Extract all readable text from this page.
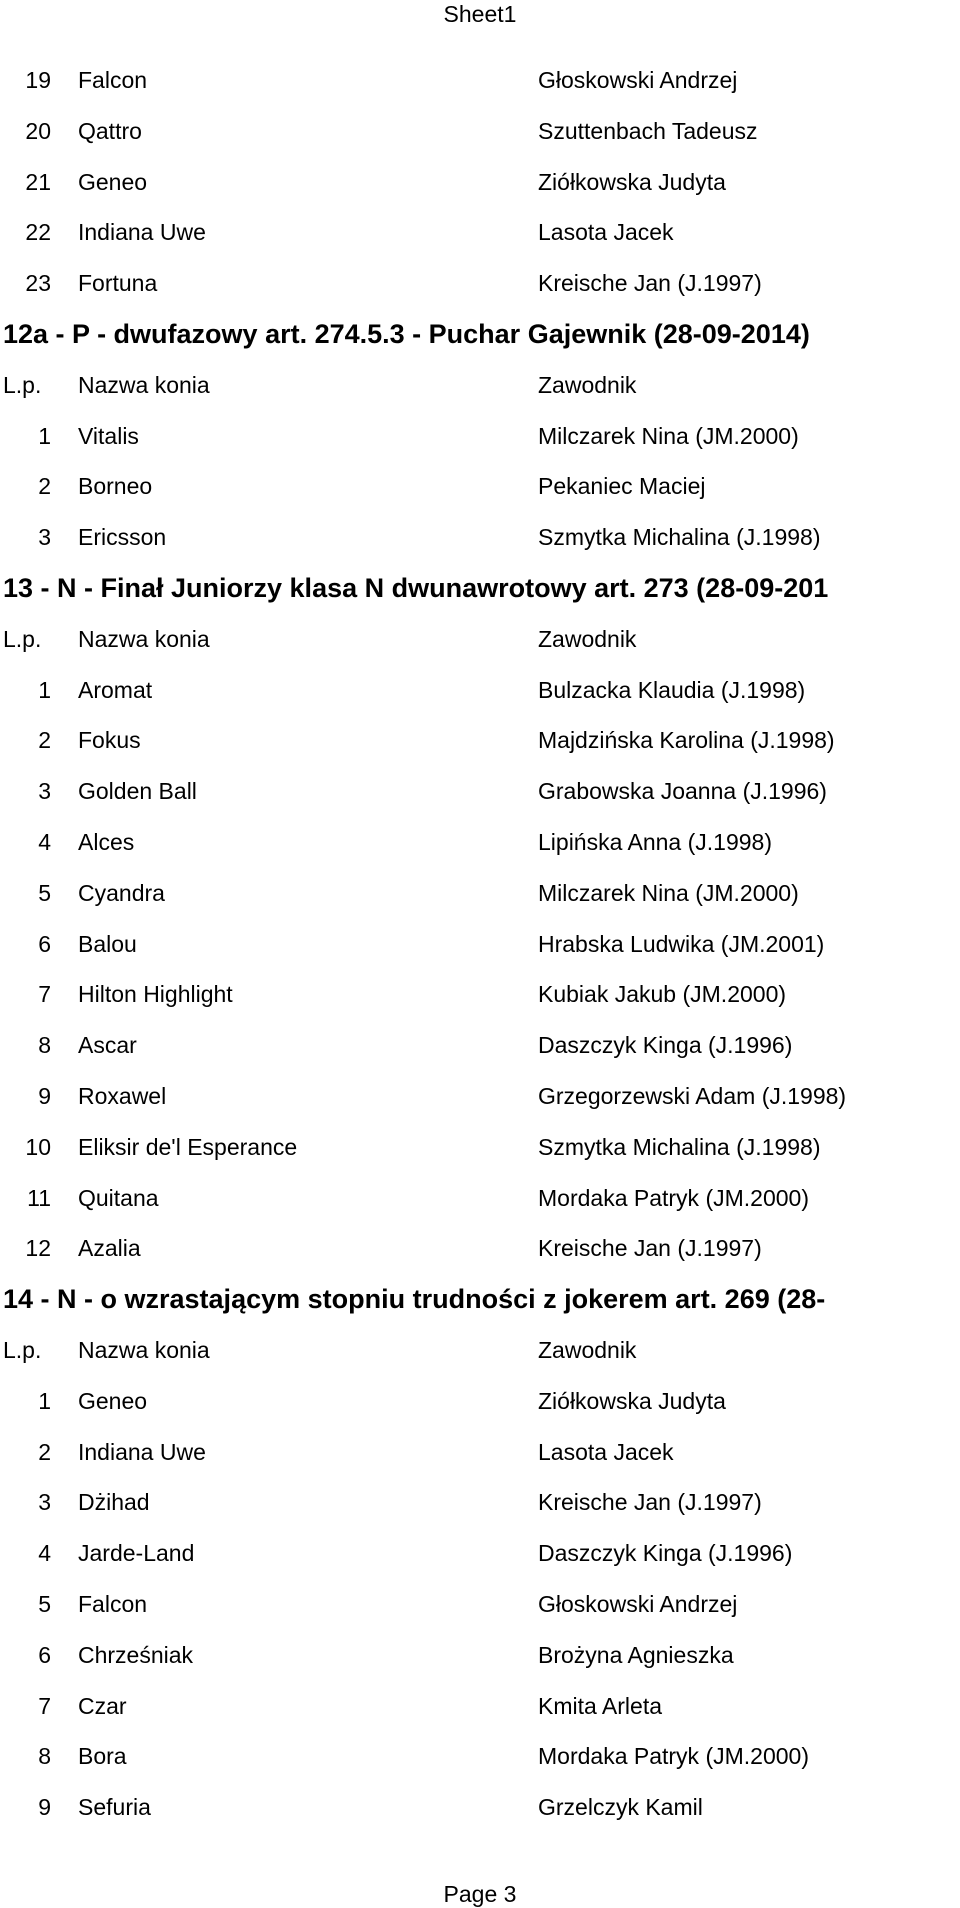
Sheet1
19 Falcon	Głoskowski Andrzej
20 Qattro	Szuttenbach Tadeusz
21 Geneo	Ziółkowska Judyta
22 Indiana Uwe	Lasota Jacek
23 Fortuna	Kreische Jan (J.1997)
12a - P - dwufazowy art. 274.5.3 - Puchar Gajewnik (28-09-2014)
L.p. Nazwa konia	Zawodnik
1 Vitalis	Milczarek Nina (JM.2000)
2 Borneo	Pekaniec Maciej
3 Ericsson	Szmytka Michalina (J.1998)
13 - N - Finał Juniorzy klasa N dwunawrotowy art. 273 (28-09-201
L.p. Nazwa konia	Zawodnik
1 Aromat	Bulzacka Klaudia (J.1998)
2 Fokus	Majdzińska Karolina (J.1998)
3 Golden Ball	Grabowska Joanna (J.1996)
4 Alces	Lipińska Anna (J.1998)
5 Cyandra	Milczarek Nina (JM.2000)
6 Balou	Hrabska Ludwika (JM.2001)
7 Hilton Highlight	Kubiak Jakub (JM.2000)
8 Ascar	Daszczyk Kinga (J.1996)
9 Roxawel	Grzegorzewski Adam (J.1998)
10 Eliksir de'l Esperance	Szmytka Michalina (J.1998)
11 Quitana	Mordaka Patryk (JM.2000)
12 Azalia	Kreische Jan (J.1997)
14 - N - o wzrastającym stopniu trudności z jokerem art. 269 (28-
L.p. Nazwa konia	Zawodnik
1 Geneo	Ziółkowska Judyta
2 Indiana Uwe	Lasota Jacek
3 Dżihad	Kreische Jan (J.1997)
4 Jarde-Land	Daszczyk Kinga (J.1996)
5 Falcon	Głoskowski Andrzej
6 Chrześniak	Brożyna Agnieszka
7 Czar	Kmita Arleta
8 Bora	Mordaka Patryk (JM.2000)
9 Sefuria	Grzelczyk Kamil
Page 3
